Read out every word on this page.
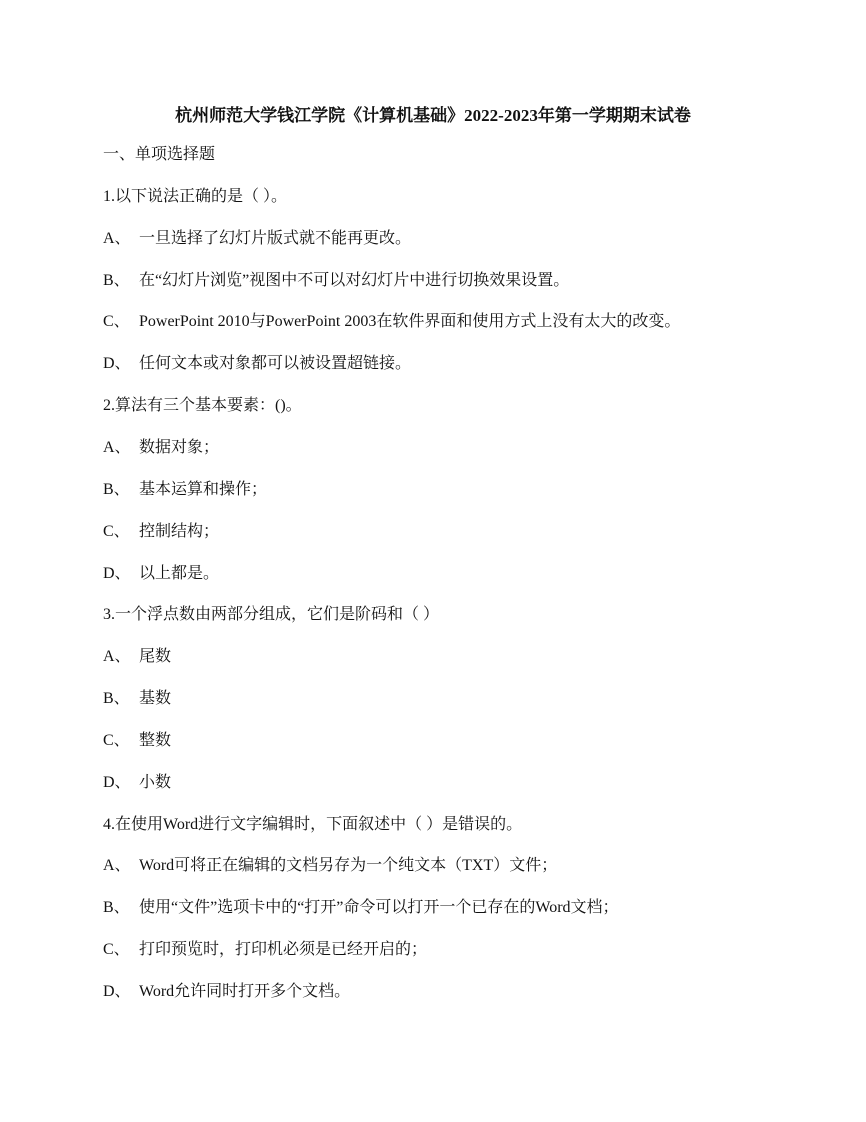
杭州师范大学钱江学院《计算机基础》2022-2023年第一学期期末试卷
一、单项选择题
1.以下说法正确的是（ ）。
A、 一旦选择了幻灯片版式就不能再更改。
B、 在“幻灯片浏览”视图中不可以对幻灯片中进行切换效果设置。
C、 PowerPoint 2010与PowerPoint 2003在软件界面和使用方式上没有太大的改变。
D、 任何文本或对象都可以被设置超链接。
2.算法有三个基本要素：()。
A、 数据对象；
B、 基本运算和操作；
C、 控制结构；
D、 以上都是。
3.一个浮点数由两部分组成，它们是阶码和（ ）
A、 尾数
B、 基数
C、 整数
D、 小数
4.在使用Word进行文字编辑时，下面叙述中（ ）是错误的。
A、 Word可将正在编辑的文档另存为一个纯文本（TXT）文件；
B、 使用“文件”选项卡中的“打开”命令可以打开一个已存在的Word文档；
C、 打印预览时，打印机必须是已经开启的；
D、 Word允许同时打开多个文档。
